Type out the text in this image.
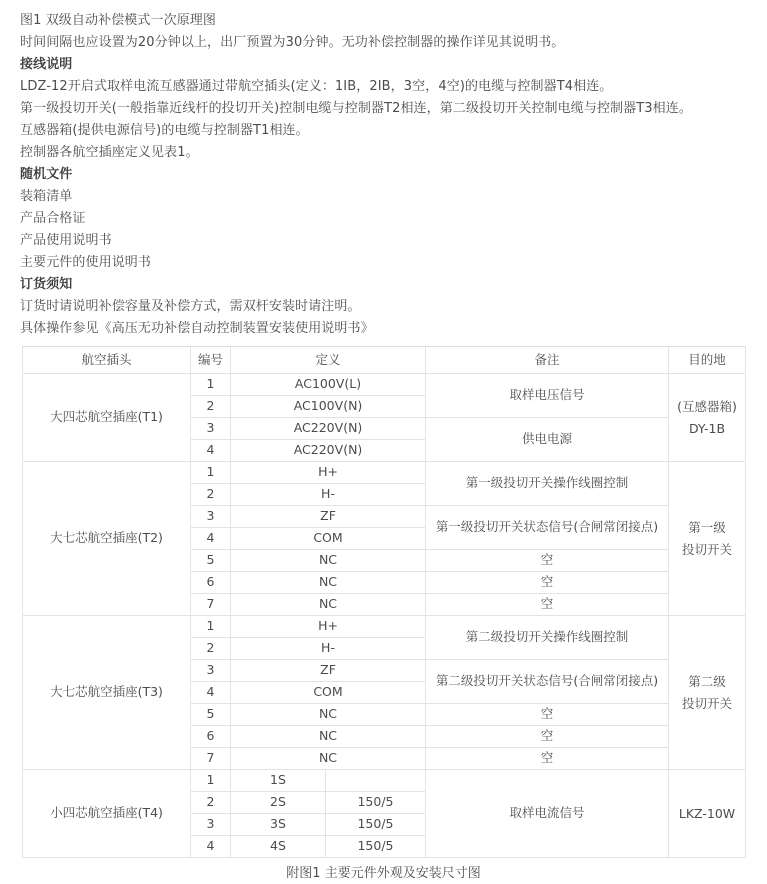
图1 双级自动补偿模式一次原理图
时间间隔也应设置为20分钟以上，出厂预置为30分钟。无功补偿控制器的操作详见其说明书。
接线说明
LDZ-12开启式取样电流互感器通过带航空插头(定义：1IB，2IB，3空，4空)的电缆与控制器T4相连。
第一级投切开关(一般指靠近线杆的投切开关)控制电缆与控制器T2相连，第二级投切开关控制电缆与控制器T3相连。
互感器箱(提供电源信号)的电缆与控制器T1相连。
控制器各航空插座定义见表1。
随机文件
装箱清单
产品合格证
产品使用说明书
主要元件的使用说明书
订货须知
订货时请说明补偿容量及补偿方式，需双杆安装时请注明。
具体操作参见《高压无功补偿自动控制装置安装使用说明书》
航空插头	编号	定义		备注	目的地
大四芯航空插座(T1)	1	AC100V(L)		取样电压信号	(互感器箱)
DY-1B

	2	AC100V(N)			
	3	AC220V(N)		供电电源	
	4	AC220V(N)			
大七芯航空插座(T2)	1	H+		第一级投切开关操作线圈控制	第一级
投切开关

	2	H-			
	3	ZF		第一级投切开关状态信号(合闸常闭接点)	
	4	COM			
	5	NC		空	
	6	NC		空	
	7	NC		空	
大七芯航空插座(T3)	1	H+		第二级投切开关操作线圈控制	第二级
投切开关

	2	H-			
	3	ZF		第二级投切开关状态信号(合闸常闭接点)	
	4	COM			
	5	NC		空	
	6	NC		空	
	7	NC		空	
小四芯航空插座(T4)	1	1S		取样电流信号	LKZ-10W

	2	2S	150/5		
	3	3S	150/5		
	4	4S	150/5		
附图1 主要元件外观及安装尺寸图
